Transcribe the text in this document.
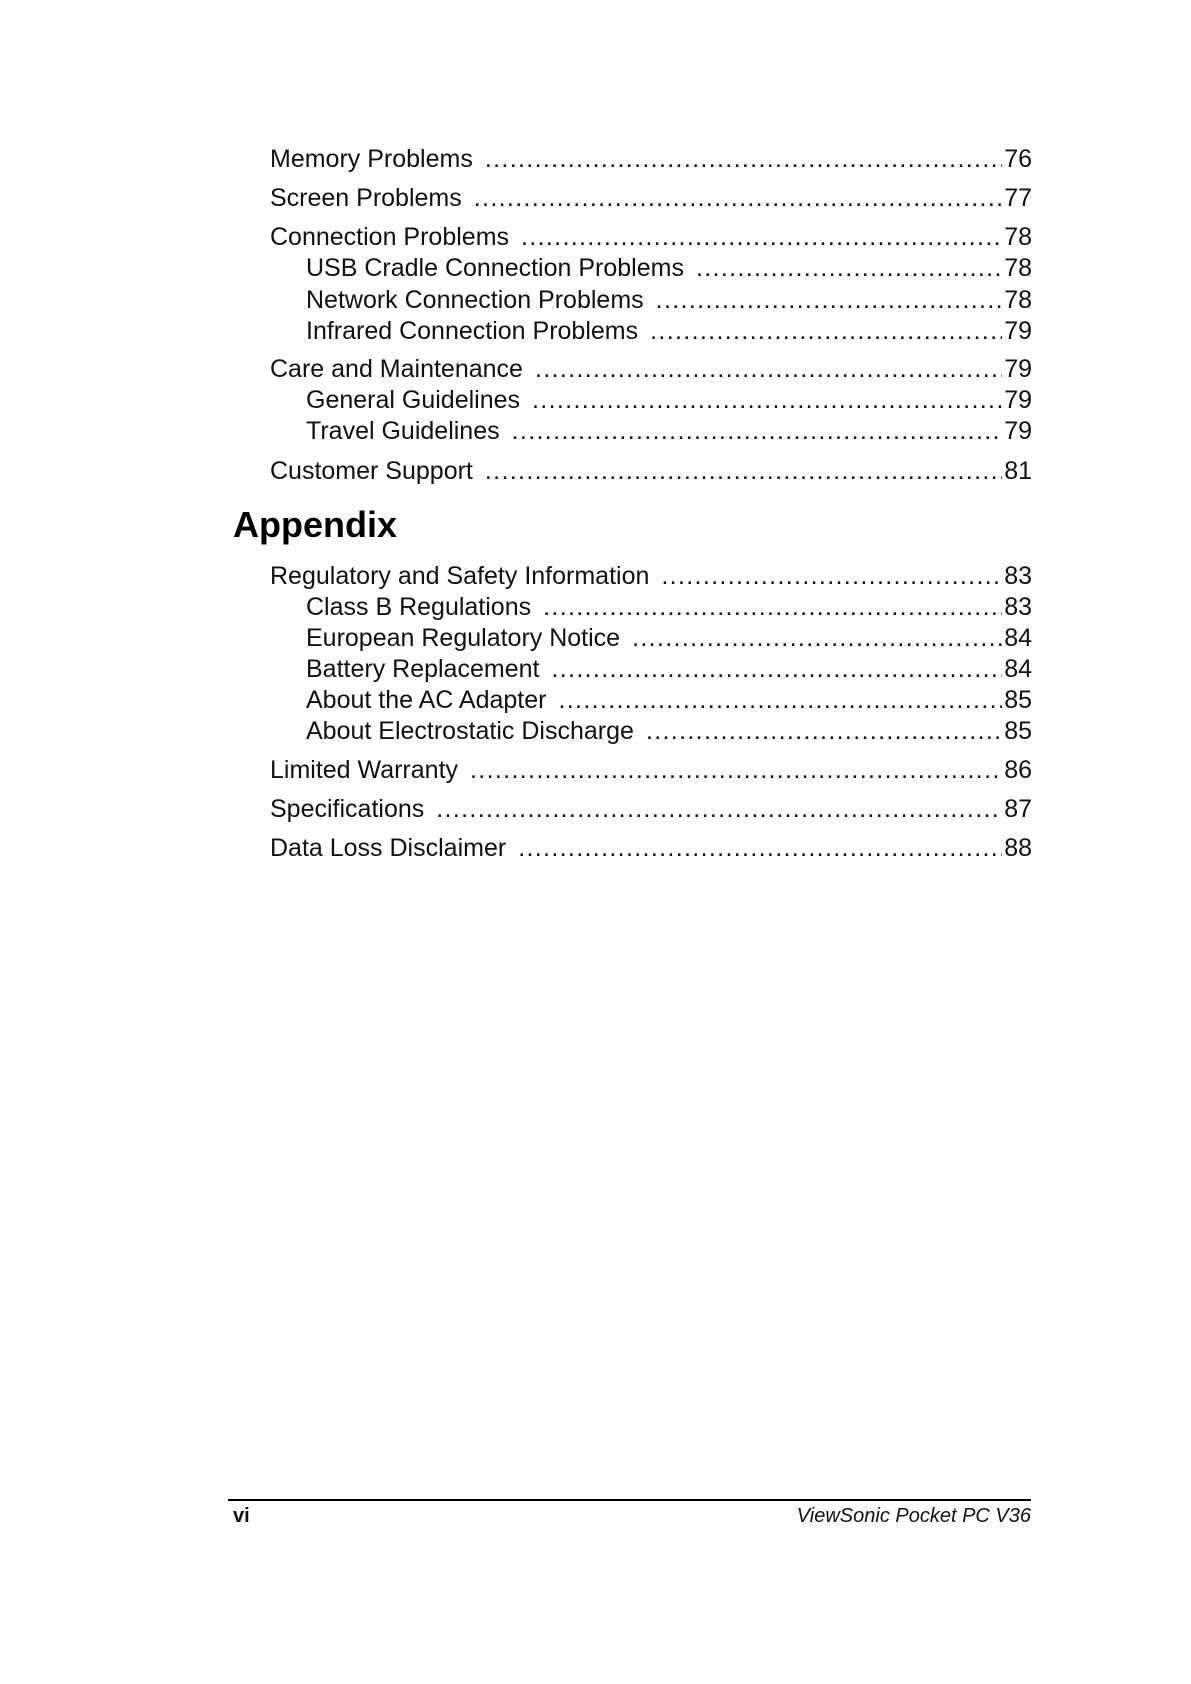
Memory Problems . . .	76
Screen Problems . . .	77
Connection Problems . . .	78
USB Cradle Connection Problems . . .	78
Network Connection Problems . . .	78
Infrared Connection Problems . . .	79
Care and Maintenance . . .	79
General Guidelines . . .	79
Travel Guidelines . . .	79
Customer Support . . .	81
Appendix
Regulatory and Safety Information . . .	83
Class B Regulations . . .	83
European Regulatory Notice . . .	84
Battery Replacement . . .	84
About the AC Adapter . . .	85
About Electrostatic Discharge . . .	85
Limited Warranty . . .	86
Specifications . . .	87
Data Loss Disclaimer . . .	88
vi	ViewSonic Pocket PC V36
